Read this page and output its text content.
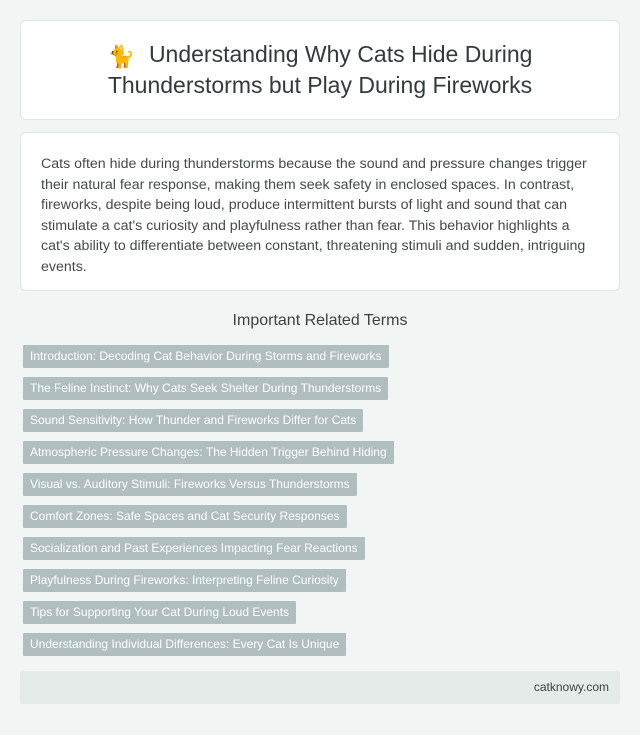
🐈 Understanding Why Cats Hide During Thunderstorms but Play During Fireworks

Cats often hide during thunderstorms because the sound and pressure changes trigger their natural fear response, making them seek safety in enclosed spaces. In contrast, fireworks, despite being loud, produce intermittent bursts of light and sound that can stimulate a cat's curiosity and playfulness rather than fear. This behavior highlights a cat's ability to differentiate between constant, threatening stimuli and sudden, intriguing events.

Important Related Terms
Introduction: Decoding Cat Behavior During Storms and Fireworks
The Feline Instinct: Why Cats Seek Shelter During Thunderstorms
Sound Sensitivity: How Thunder and Fireworks Differ for Cats
Atmospheric Pressure Changes: The Hidden Trigger Behind Hiding
Visual vs. Auditory Stimuli: Fireworks Versus Thunderstorms
Comfort Zones: Safe Spaces and Cat Security Responses
Socialization and Past Experiences Impacting Fear Reactions
Playfulness During Fireworks: Interpreting Feline Curiosity
Tips for Supporting Your Cat During Loud Events
Understanding Individual Differences: Every Cat Is Unique
catknowy.com
